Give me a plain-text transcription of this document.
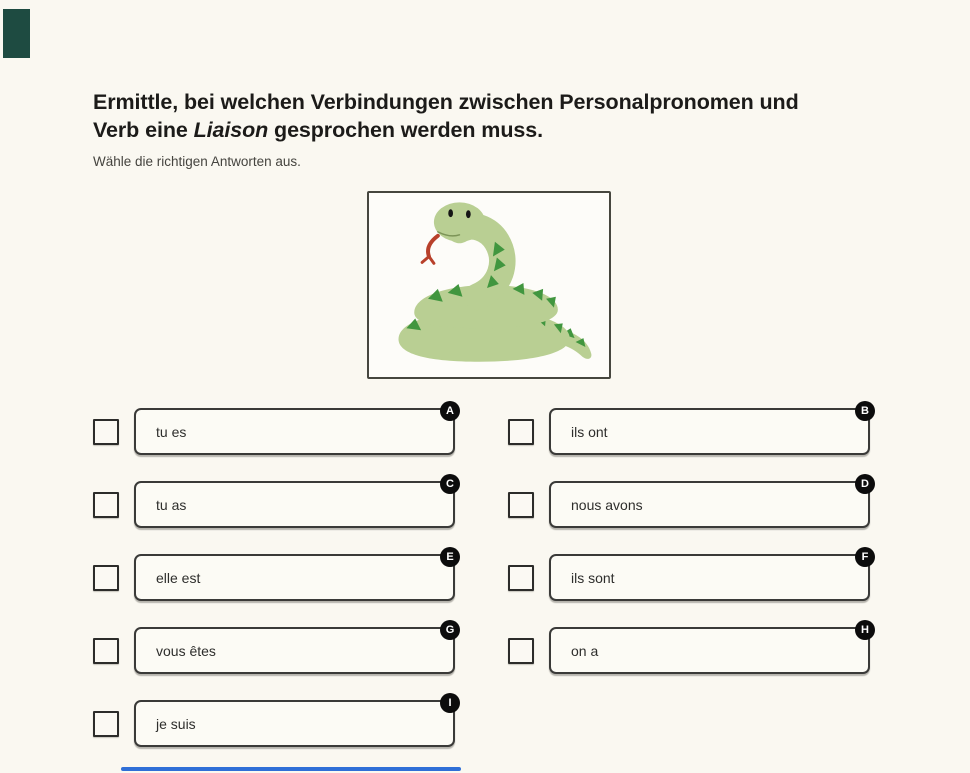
Ermittle, bei welchen Verbindungen zwischen Personalpronomen und
Verb eine Liaison gesprochen werden muss.

Wähle die richtigen Antworten aus.

tu es
A
ils ont
B
tu as
C
nous avons
D
elle est
E
ils sont
F
vous êtes
G
on a
H
je suis
I
